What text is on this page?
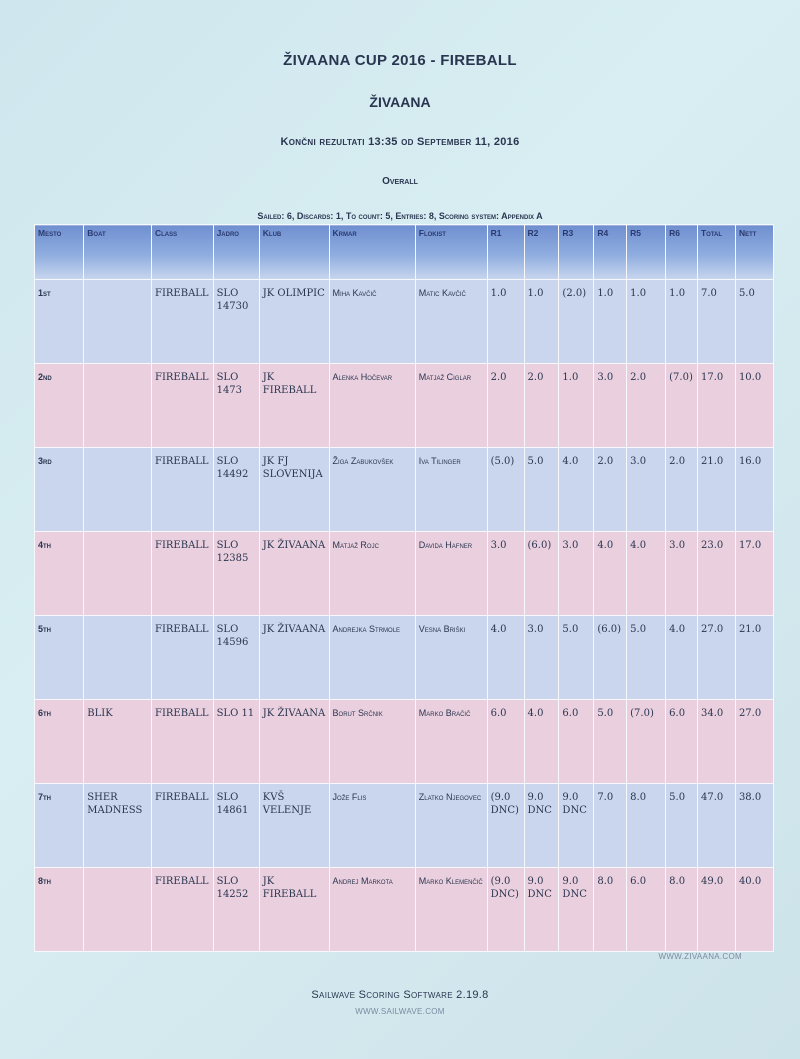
ŽIVAANA CUP 2016 - FIREBALL
ŽIVAANA
Končni rezultati 13:35 od September 11, 2016
Overall
Sailed: 6, Discards: 1, To count: 5, Entries: 8, Scoring system: Appendix A
Mesto	Boat	Class	Jadro	Klub	Krmar	Flokist	R1	R2	R3	R4	R5	R6	Total	Nett
1st		FIREBALL	SLO 14730	JK OLIMPIC	Miha Kavčič	Matic Kavčič	1.0	1.0	(2.0)	1.0	1.0	1.0	7.0	5.0
2nd		FIREBALL	SLO 1473	JK FIREBALL	Alenka Hočevar	Matjaž Ciglar	2.0	2.0	1.0	3.0	2.0	(7.0)	17.0	10.0
3rd		FIREBALL	SLO 14492	JK FJ SLOVENIJA	Žiga Zabukovšek	Iva Tilinger	(5.0)	5.0	4.0	2.0	3.0	2.0	21.0	16.0
4th		FIREBALL	SLO 12385	JK ŽIVAANA	Matjaž Rojc	Davida Hafner	3.0	(6.0)	3.0	4.0	4.0	3.0	23.0	17.0
5th		FIREBALL	SLO 14596	JK ŽIVAANA	Andrejka Strmole	Vesna Briški	4.0	3.0	5.0	(6.0)	5.0	4.0	27.0	21.0
6th	BLIK	FIREBALL	SLO 11	JK ŽIVAANA	Borut Srčnik	Marko Bračič	6.0	4.0	6.0	5.0	(7.0)	6.0	34.0	27.0
7th	SHER MADNESS	FIREBALL	SLO 14861	KVŠ VELENJE	Jože Flis	Zlatko Njegovec	(9.0 DNC)	9.0 DNC	9.0 DNC	7.0	8.0	5.0	47.0	38.0
8th		FIREBALL	SLO 14252	JK FIREBALL	Andrej Markota	Marko Klemenčič	(9.0 DNC)	9.0 DNC	9.0 DNC	8.0	6.0	8.0	49.0	40.0
WWW.ZIVAANA.COM
Sailwave Scoring Software 2.19.8
WWW.SAILWAVE.COM
